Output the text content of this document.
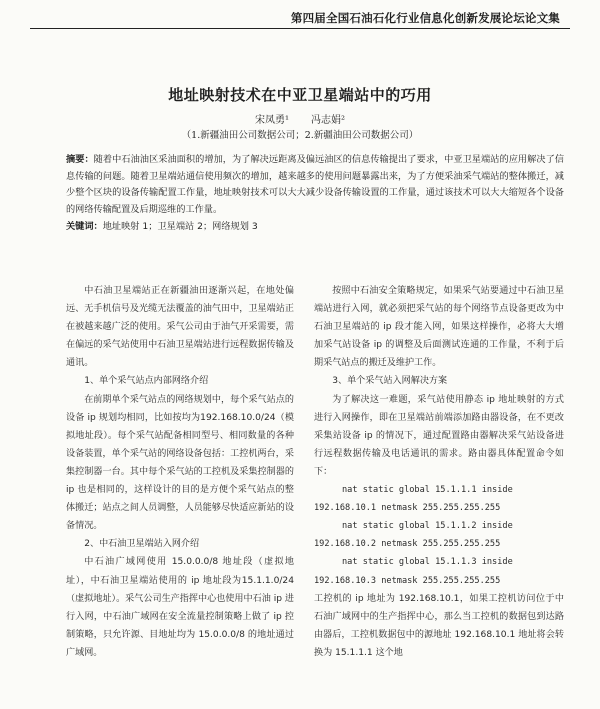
第四届全国石油石化行业信息化创新发展论坛论文集
地址映射技术在中亚卫星端站中的巧用
宋凤勇¹ 冯志娟²
（1.新疆油田公司数据公司；2.新疆油田公司数据公司）
摘要：随着中石油油区采油面积的增加，为了解决远距离及偏远油区的信息传输提出了要求，中亚卫星端站的应用解决了信息传输的问题。随着卫星端站通信使用频次的增加，越来越多的使用问题暴露出来，为了方便采油采气端站的整体搬迁，减少整个区块的设备传输配置工作量，地址映射技术可以大大减少设备传输设置的工作量，通过该技术可以大大缩短各个设备的网络传输配置及后期巡维的工作量。
关键词：地址映射 1；卫星端站 2；网络规划 3

中石油卫星端站正在新疆油田逐渐兴起，在地处偏远、无手机信号及光缆无法覆盖的油气田中，卫星端站正在被越来越广泛的使用。采气公司由于油气开采需要，需在偏远的采气站使用中石油卫星端站进行远程数据传输及通讯。

1、单个采气站点内部网络介绍

在前期单个采气站点的网络规划中，每个采气站点的设备 ip 规划均相同，比如按均为192.168.10.0/24（模拟地址段）。每个采气站配备相同型号、相同数量的各种设备装置，单个采气站的网络设备包括：工控机两台，采集控制器一台。其中每个采气站的工控机及采集控制器的 ip 也是相同的，这样设计的目的是方便个采气站点的整体搬迁；站点之间人员调整，人员能够尽快适应新站的设备情况。

2、中石油卫星端站入网介绍

中石油广域网使用 15.0.0.0/8 地址段（虚拟地址），中石油卫星端站使用的 ip 地址段为15.1.1.0/24（虚拟地址）。采气公司生产指挥中心也使用中石油 ip 进行入网，中石油广域网在安全流量控制策略上做了 ip 控制策略，只允许源、目地址均为 15.0.0.0/8 的地址通过广域网。

按照中石油安全策略规定，如果采气站要通过中石油卫星端站进行入网，就必须把采气站的每个网络节点设备更改为中石油卫星端站的 ip 段才能入网，如果这样操作，必将大大增加采气站设备 ip 的调整及后面测试连通的工作量，不利于后期采气站点的搬迁及维护工作。

3、单个采气站入网解决方案

为了解决这一难题，采气站使用静态 ip 地址映射的方式进行入网操作，即在卫星端站前端添加路由器设备，在不更改采集站设备 ip 的情况下，通过配置路由器解决采气站设备进行远程数据传输及电话通讯的需求。路由器具体配置命令如下：

nat static global 15.1.1.1 inside

192.168.10.1 netmask 255.255.255.255

nat static global 15.1.1.2 inside

192.168.10.2 netmask 255.255.255.255

nat static global 15.1.1.3 inside

192.168.10.3 netmask 255.255.255.255

工控机的 ip 地址为 192.168.10.1，如果工控机访问位于中石油广域网中的生产指挥中心，那么当工控机的数据包到达路由器后，工控机数据包中的源地址 192.168.10.1 地址将会转换为 15.1.1.1 这个地
